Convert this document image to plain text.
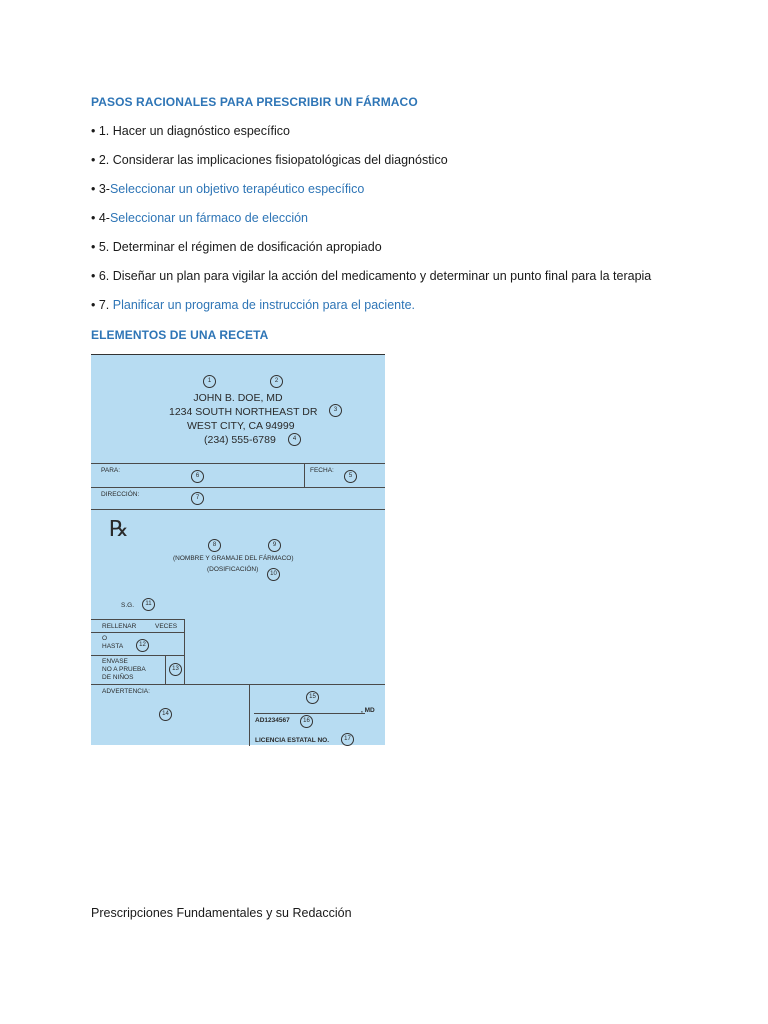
PASOS RACIONALES PARA PRESCRIBIR UN FÁRMACO
• 1. Hacer un diagnóstico específico
• 2. Considerar las implicaciones fisiopatológicas del diagnóstico
• 3-Seleccionar un objetivo terapéutico específico
• 4-Seleccionar un fármaco de elección
• 5. Determinar el régimen de dosificación apropiado
• 6. Diseñar un plan para vigilar la acción del medicamento y determinar un punto final para la terapia
• 7. Planificar un programa de instrucción para el paciente.
ELEMENTOS DE UNA RECETA
1	2
JOHN B. DOE, MD
1234 SOUTH NORTHEAST DR	3
WEST CITY, CA 94999
(234) 555-6789	4
PARA:
6
FECHA:
5
DIRECCIÓN:	7
℞
8	9
(NOMBRE Y GRAMAJE DEL FÁRMACO)
(DOSIFICACIÓN)
10
S.G.	11
RELLENAR	VECES
O
HASTA	12
ENVASE
NO A PRUEBA
DE NIÑOS
13
ADVERTENCIA:
14
15
, MD
AD1234567	16
LICENCIA ESTATAL NO.	17
Prescripciones Fundamentales y su Redacción
